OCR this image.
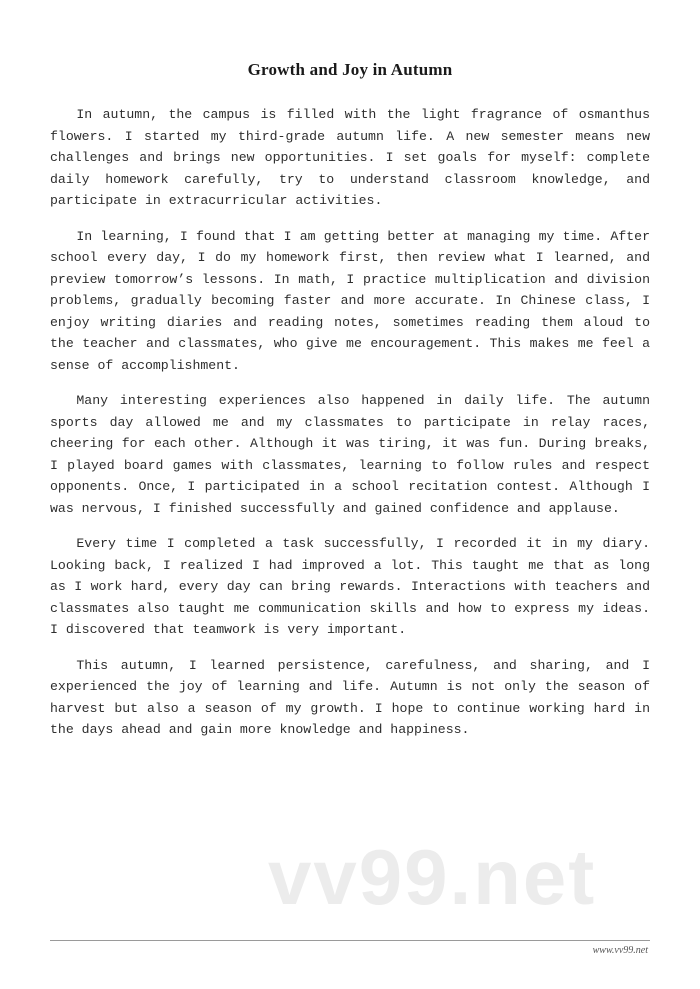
Growth and Joy in Autumn

In autumn, the campus is filled with the light fragrance of osmanthus flowers. I started my third-grade autumn life. A new semester means new challenges and brings new opportunities. I set goals for myself: complete daily homework carefully, try to understand classroom knowledge, and participate in extracurricular activities.

In learning, I found that I am getting better at managing my time. After school every day, I do my homework first, then review what I learned, and preview tomorrow’s lessons. In math, I practice multiplication and division problems, gradually becoming faster and more accurate. In Chinese class, I enjoy writing diaries and reading notes, sometimes reading them aloud to the teacher and classmates, who give me encouragement. This makes me feel a sense of accomplishment.

Many interesting experiences also happened in daily life. The autumn sports day allowed me and my classmates to participate in relay races, cheering for each other. Although it was tiring, it was fun. During breaks, I played board games with classmates, learning to follow rules and respect opponents. Once, I participated in a school recitation contest. Although I was nervous, I finished successfully and gained confidence and applause.

Every time I completed a task successfully, I recorded it in my diary. Looking back, I realized I had improved a lot. This taught me that as long as I work hard, every day can bring rewards. Interactions with teachers and classmates also taught me communication skills and how to express my ideas. I discovered that teamwork is very important.

This autumn, I learned persistence, carefulness, and sharing, and I experienced the joy of learning and life. Autumn is not only the season of harvest but also a season of my growth. I hope to continue working hard in the days ahead and gain more knowledge and happiness.

vv99.net
www.vv99.net
